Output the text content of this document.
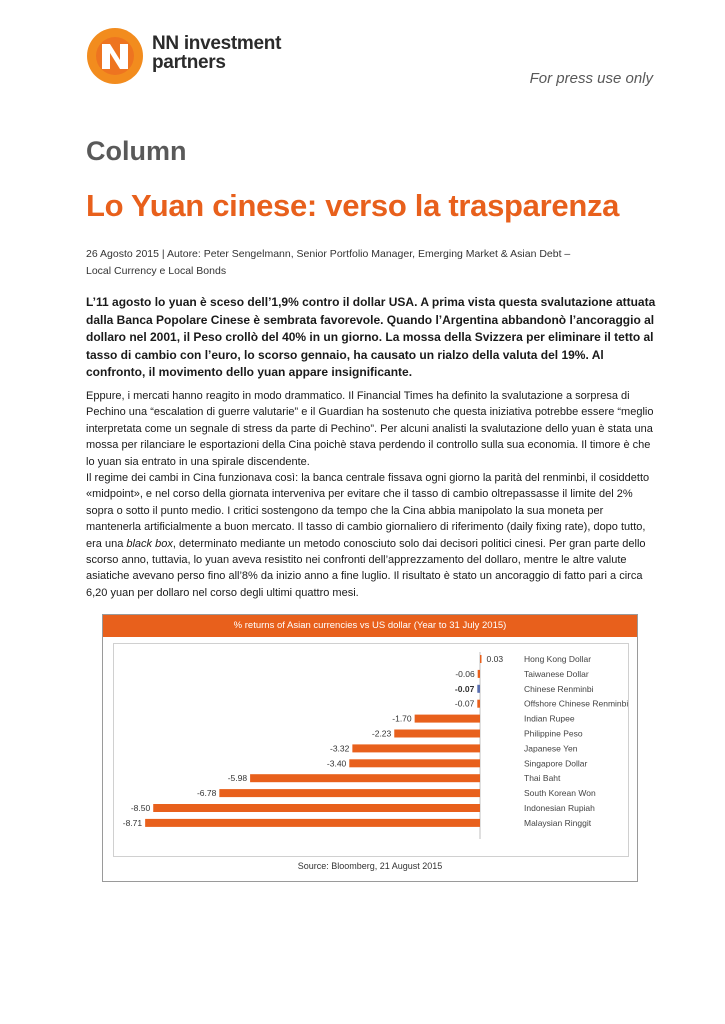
NN investment
partners
For press use only
Column
Lo Yuan cinese: verso la trasparenza
26 Agosto 2015 | Autore: Peter Sengelmann, Senior Portfolio Manager, Emerging Market & Asian Debt –
Local Currency e Local Bonds
L’11 agosto lo yuan è sceso dell’1,9% contro il dollar USA. A prima vista questa svalutazione attuata dalla Banca Popolare Cinese è sembrata favorevole. Quando l’Argentina abbandonò l’ancoraggio al dollaro nel 2001, il Peso crollò del 40% in un giorno. La mossa della Svizzera per eliminare il tetto al tasso di cambio con l’euro, lo scorso gennaio, ha causato un rialzo della valuta del 19%. Al confronto, il movimento dello yuan appare insignificante.

Eppure, i mercati hanno reagito in modo drammatico. Il Financial Times ha definito la svalutazione a sorpresa di Pechino una “escalation di guerre valutarie” e il Guardian ha sostenuto che questa iniziativa potrebbe essere “meglio interpretata come un segnale di stress da parte di Pechino”. Per alcuni analisti la svalutazione dello yuan è stata una mossa per rilanciare le esportazioni della Cina poichè stava perdendo il controllo sulla sua economia. Il timore è che lo yuan sia entrato in una spirale discendente.

Il regime dei cambi in Cina funzionava così: la banca centrale fissava ogni giorno la parità del renminbi, il cosiddetto «midpoint», e nel corso della giornata interveniva per evitare che il tasso di cambio oltrepassasse il limite del 2% sopra o sotto il punto medio. I critici sostengono da tempo che la Cina abbia manipolato la sua moneta per mantenerla artificialmente a buon mercato. Il tasso di cambio giornaliero di riferimento (daily fixing rate), dopo tutto, era una black box, determinato mediante un metodo conosciuto solo dai decisori politici cinesi. Per gran parte dello scorso anno, tuttavia, lo yuan aveva resistito nei confronti dell’apprezzamento del dollaro, mentre le altre valute asiatiche avevano perso fino all’8% da inizio anno a fine luglio. Il risultato è stato un ancoraggio di fatto pari a circa 6,20 yuan per dollaro nel corso degli ultimi quattro mesi.

% returns of Asian currencies vs US dollar (Year to 31 July 2015)
0.03 Hong Kong Dollar
-0.06	Taiwanese Dollar
-0.07	Chinese Renminbi
-0.07	Offshore Chinese Renminbi
-1.70	Indian Rupee
-2.23	Philippine Peso
-3.32	Japanese Yen
-3.40	Singapore Dollar
-5.98	Thai Baht
-6.78	South Korean Won
-8.50	Indonesian Rupiah
-8.71	Malaysian Ringgit
Source: Bloomberg, 21 August 2015
